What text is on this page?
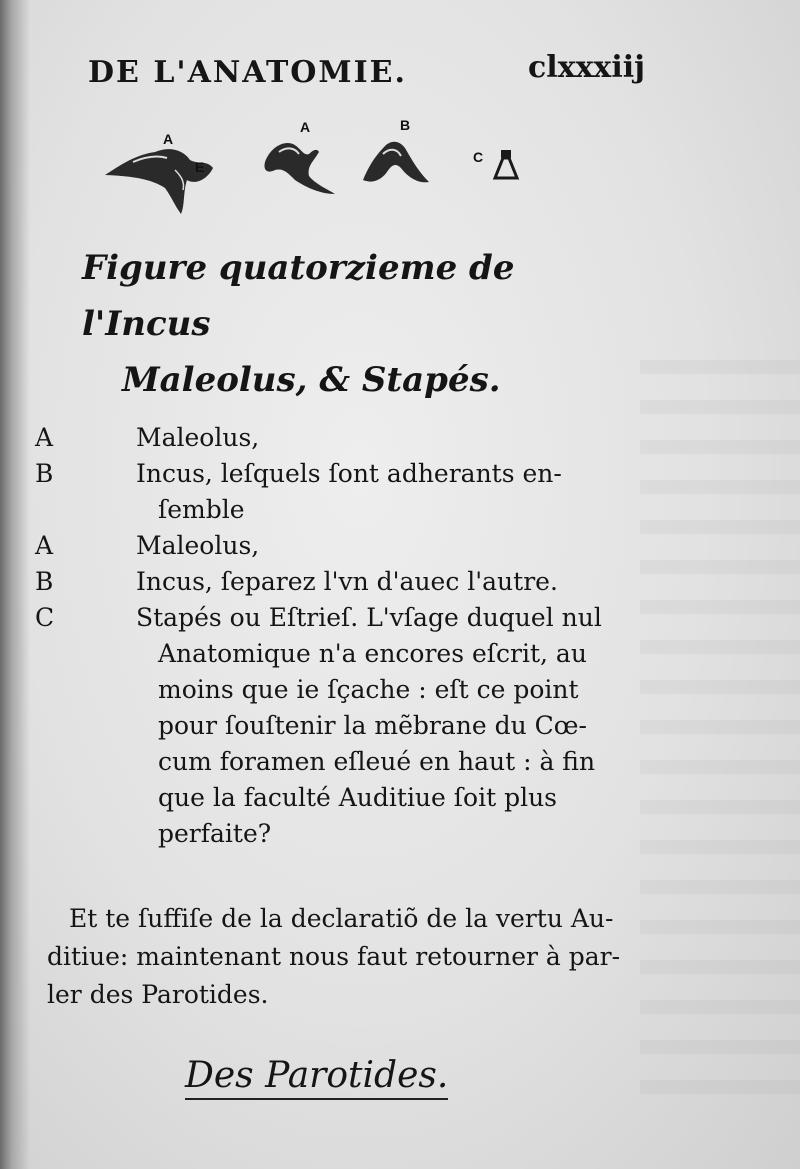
DE L'ANATOMIE.	clxxxiij
A
E
A	B
C
Figure quatorzieme de l'Incus
Maleolus, & Stapés.
A	Maleolus,
B	Incus, leſquels ſont adherants en-

ſemble
A	Maleolus,
B	Incus, ſeparez l'vn d'auec l'autre.
C	Stapés ou Eſtrieſ. L'vſage duquel nul

Anatomique n'a encores eſcrit, au
moins que ie ſçache : eſt ce point
pour ſouſtenir la mẽbrane du Cœ-
cum foramen eſleué en haut : à fin
que la faculté Auditiue ſoit plus
perfaite?
Et te ſuffiſe de la declaratiõ de la vertu Au-
ditiue: maintenant nous faut retourner à par-
ler des Parotides.
Des Parotides.
